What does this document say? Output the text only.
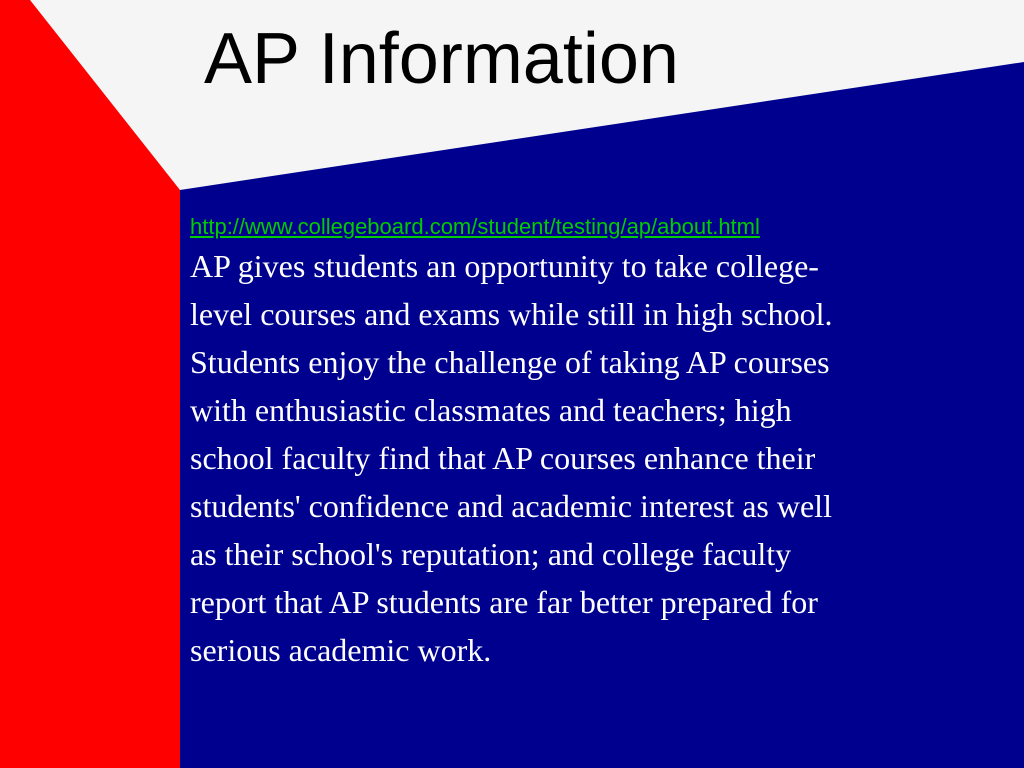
AP Information
http://www.collegeboard.com/student/testing/ap/about.html

AP gives students an opportunity to take college-
level courses and exams while still in high school.
Students enjoy the challenge of taking AP courses
with enthusiastic classmates and teachers; high
school faculty find that AP courses enhance their
students' confidence and academic interest as well
as their school's reputation; and college faculty
report that AP students are far better prepared for
serious academic work.
